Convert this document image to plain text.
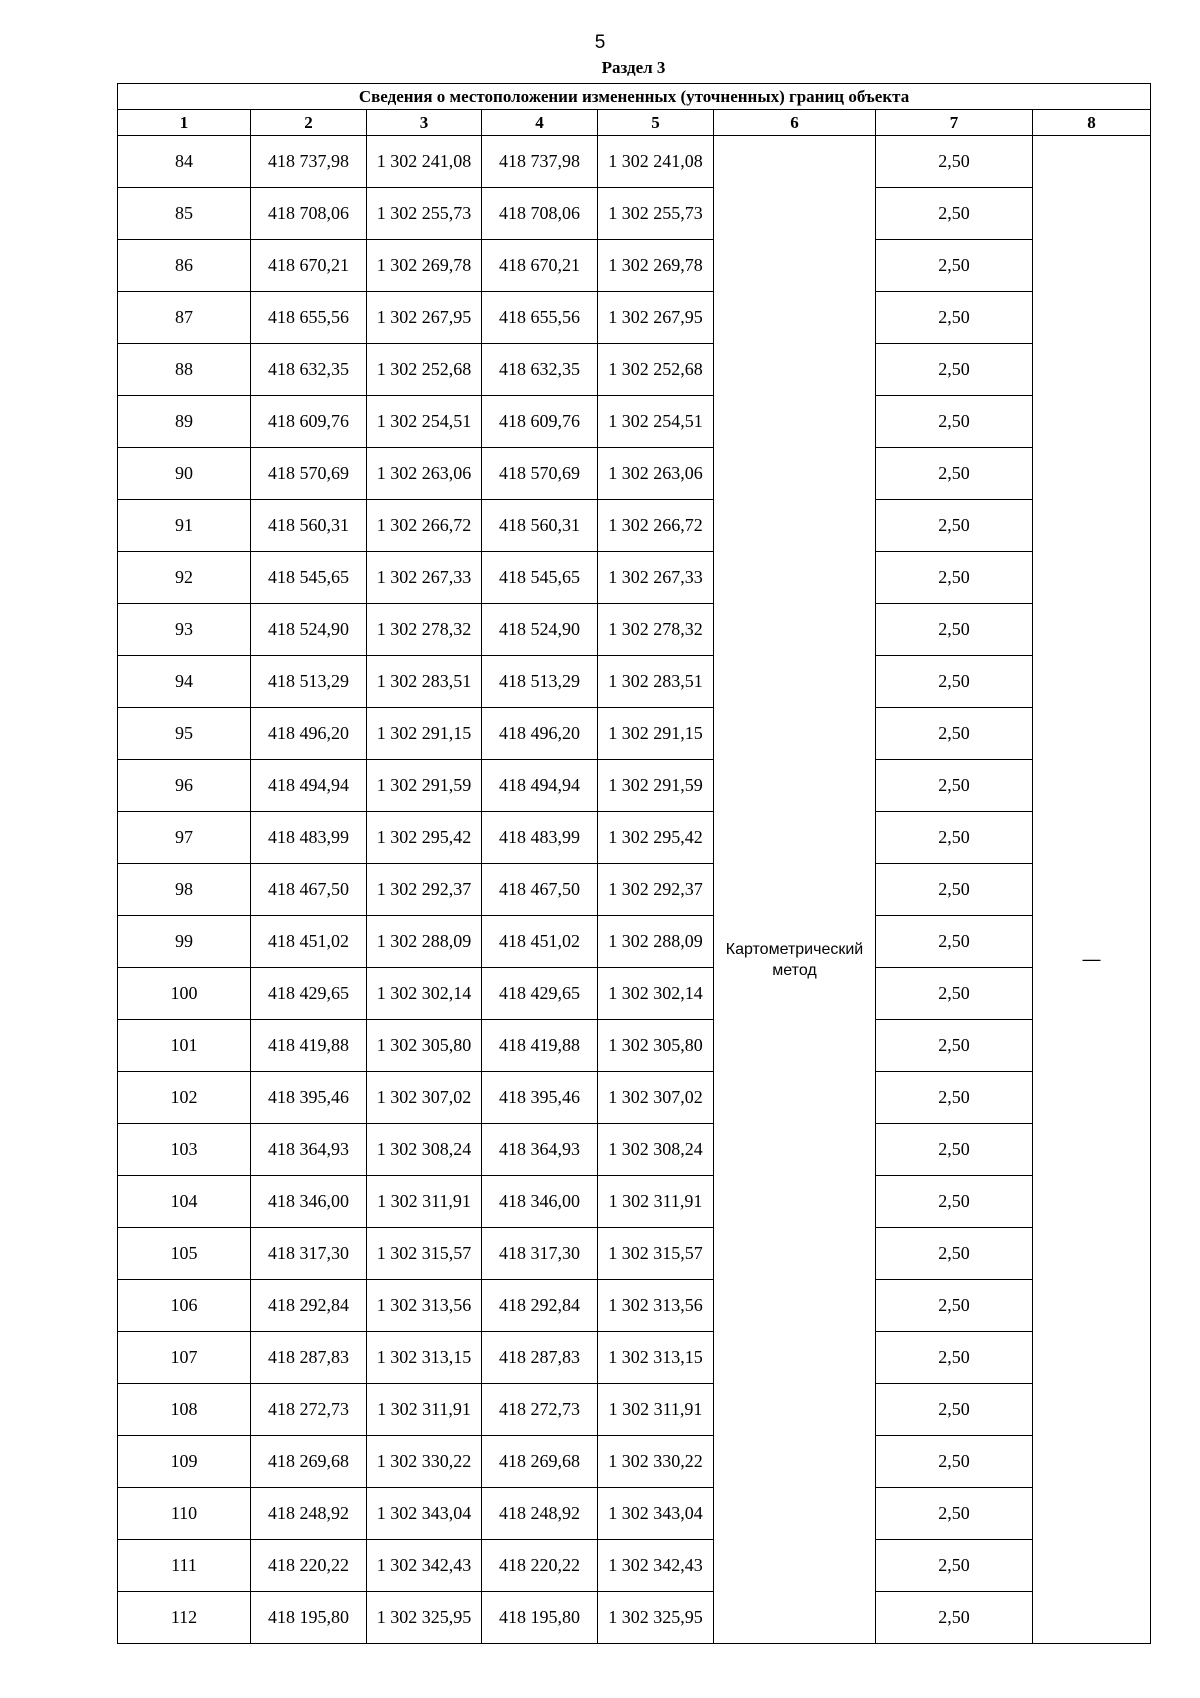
5
Раздел 3
Сведения о местоположении измененных (уточненных) границ объекта							
1	2	3	4	5	6	7	8
84	418 737,98	1 302 241,08	418 737,98	1 302 241,08	Картометрический метод	2,50	—

85	418 708,06	1 302 255,73	418 708,06	1 302 255,73		2,50	
86	418 670,21	1 302 269,78	418 670,21	1 302 269,78		2,50	
87	418 655,56	1 302 267,95	418 655,56	1 302 267,95		2,50	
88	418 632,35	1 302 252,68	418 632,35	1 302 252,68		2,50	
89	418 609,76	1 302 254,51	418 609,76	1 302 254,51		2,50	
90	418 570,69	1 302 263,06	418 570,69	1 302 263,06		2,50	
91	418 560,31	1 302 266,72	418 560,31	1 302 266,72		2,50	
92	418 545,65	1 302 267,33	418 545,65	1 302 267,33		2,50	
93	418 524,90	1 302 278,32	418 524,90	1 302 278,32		2,50	
94	418 513,29	1 302 283,51	418 513,29	1 302 283,51		2,50	
95	418 496,20	1 302 291,15	418 496,20	1 302 291,15		2,50	
96	418 494,94	1 302 291,59	418 494,94	1 302 291,59		2,50	
97	418 483,99	1 302 295,42	418 483,99	1 302 295,42		2,50	
98	418 467,50	1 302 292,37	418 467,50	1 302 292,37		2,50	
99	418 451,02	1 302 288,09	418 451,02	1 302 288,09		2,50	
100	418 429,65	1 302 302,14	418 429,65	1 302 302,14		2,50	
101	418 419,88	1 302 305,80	418 419,88	1 302 305,80		2,50	
102	418 395,46	1 302 307,02	418 395,46	1 302 307,02		2,50	
103	418 364,93	1 302 308,24	418 364,93	1 302 308,24		2,50	
104	418 346,00	1 302 311,91	418 346,00	1 302 311,91		2,50	
105	418 317,30	1 302 315,57	418 317,30	1 302 315,57		2,50	
106	418 292,84	1 302 313,56	418 292,84	1 302 313,56		2,50	
107	418 287,83	1 302 313,15	418 287,83	1 302 313,15		2,50	
108	418 272,73	1 302 311,91	418 272,73	1 302 311,91		2,50	
109	418 269,68	1 302 330,22	418 269,68	1 302 330,22		2,50	
110	418 248,92	1 302 343,04	418 248,92	1 302 343,04		2,50	
111	418 220,22	1 302 342,43	418 220,22	1 302 342,43		2,50	
112	418 195,80	1 302 325,95	418 195,80	1 302 325,95		2,50	
